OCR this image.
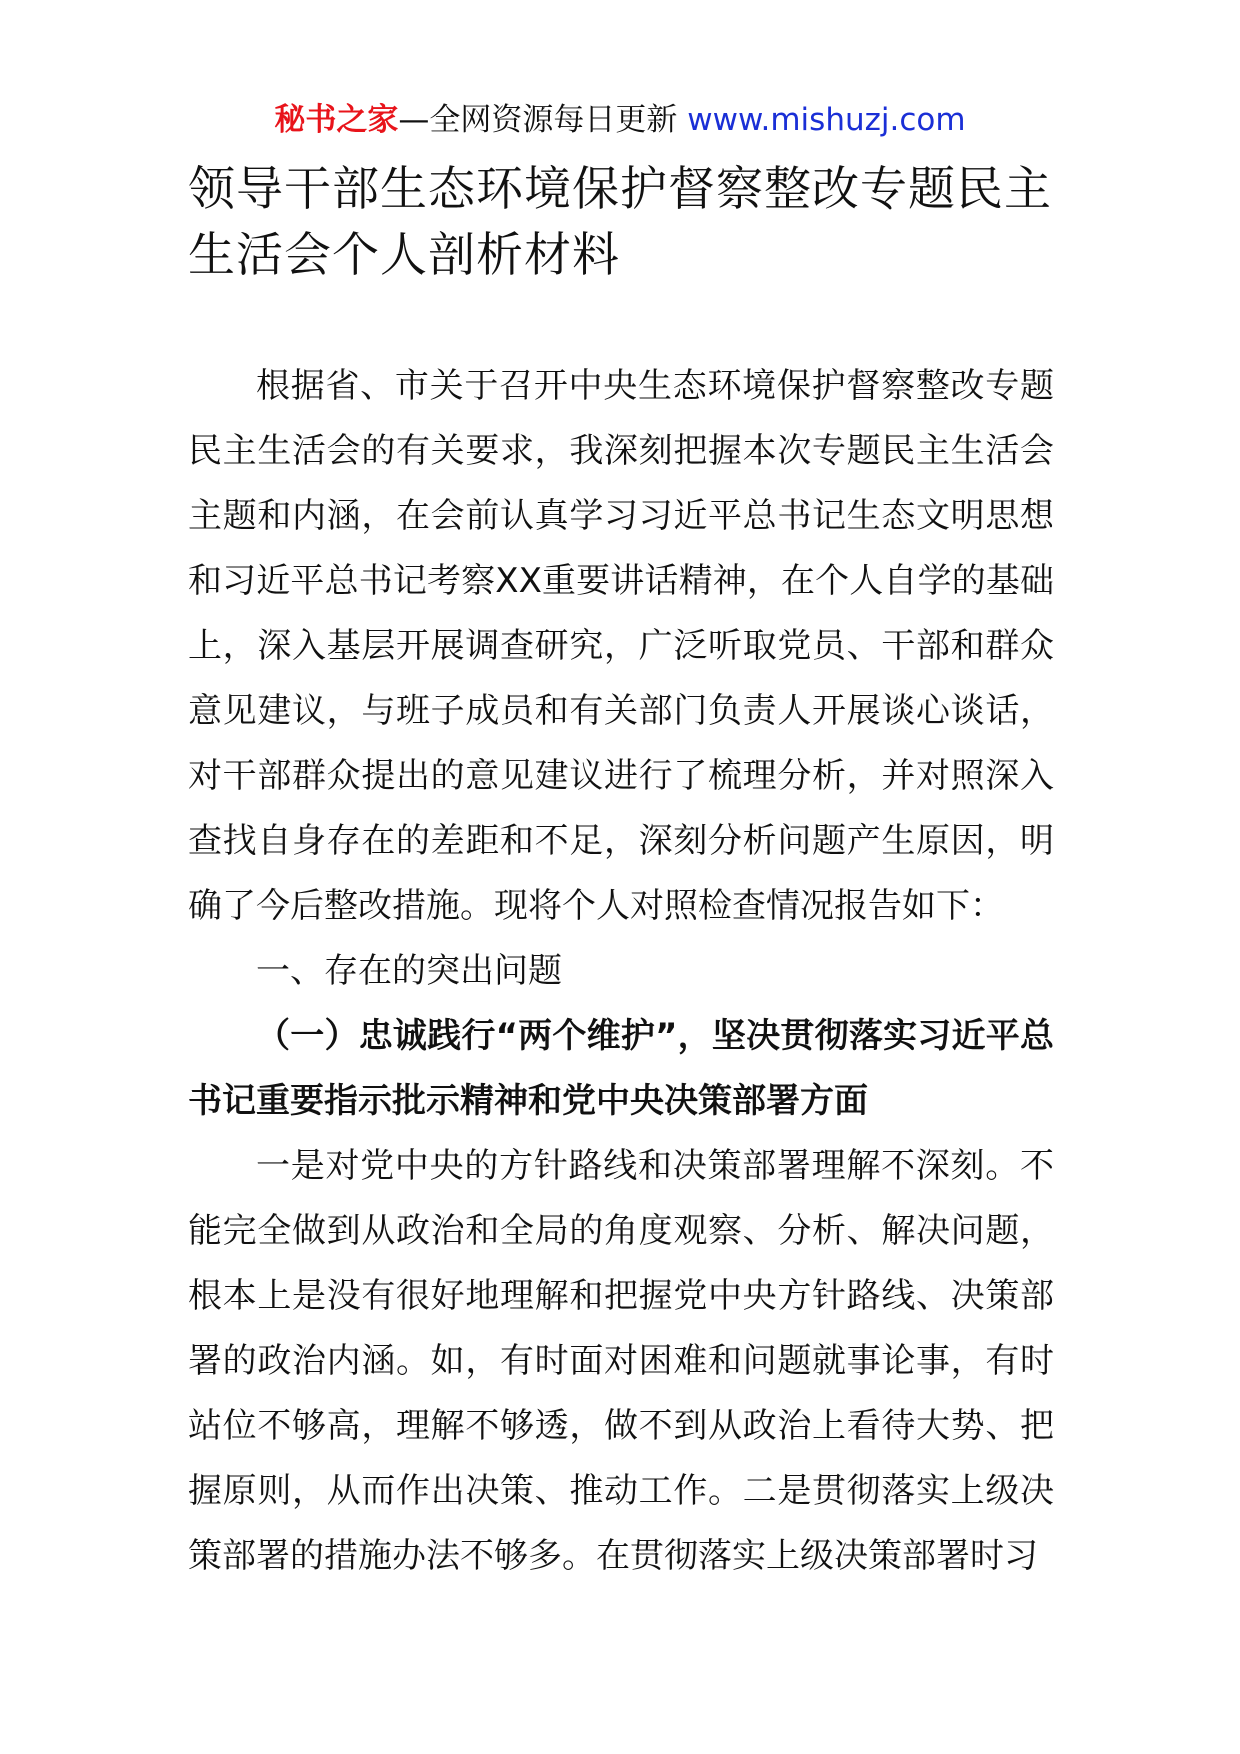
秘书之家—全网资源每日更新 www.mishuzj.com
领导干部生态环境保护督察整改专题民主生活会个人剖析材料

根据省、市关于召开中央生态环境保护督察整改专题民主生活会的有关要求，我深刻把握本次专题民主生活会主题和内涵，在会前认真学习习近平总书记生态文明思想和习近平总书记考察XX重要讲话精神，在个人自学的基础上，深入基层开展调查研究，广泛听取党员、干部和群众意见建议，与班子成员和有关部门负责人开展谈心谈话，对干部群众提出的意见建议进行了梳理分析，并对照深入查找自身存在的差距和不足，深刻分析问题产生原因，明确了今后整改措施。现将个人对照检查情况报告如下：

一、存在的突出问题

（一）忠诚践行“两个维护”，坚决贯彻落实习近平总书记重要指示批示精神和党中央决策部署方面

一是对党中央的方针路线和决策部署理解不深刻。不能完全做到从政治和全局的角度观察、分析、解决问题，根本上是没有很好地理解和把握党中央方针路线、决策部署的政治内涵。如，有时面对困难和问题就事论事，有时站位不够高，理解不够透，做不到从政治上看待大势、把握原则，从而作出决策、推动工作。二是贯彻落实上级决策部署的措施办法不够多。在贯彻落实上级决策部署时习
